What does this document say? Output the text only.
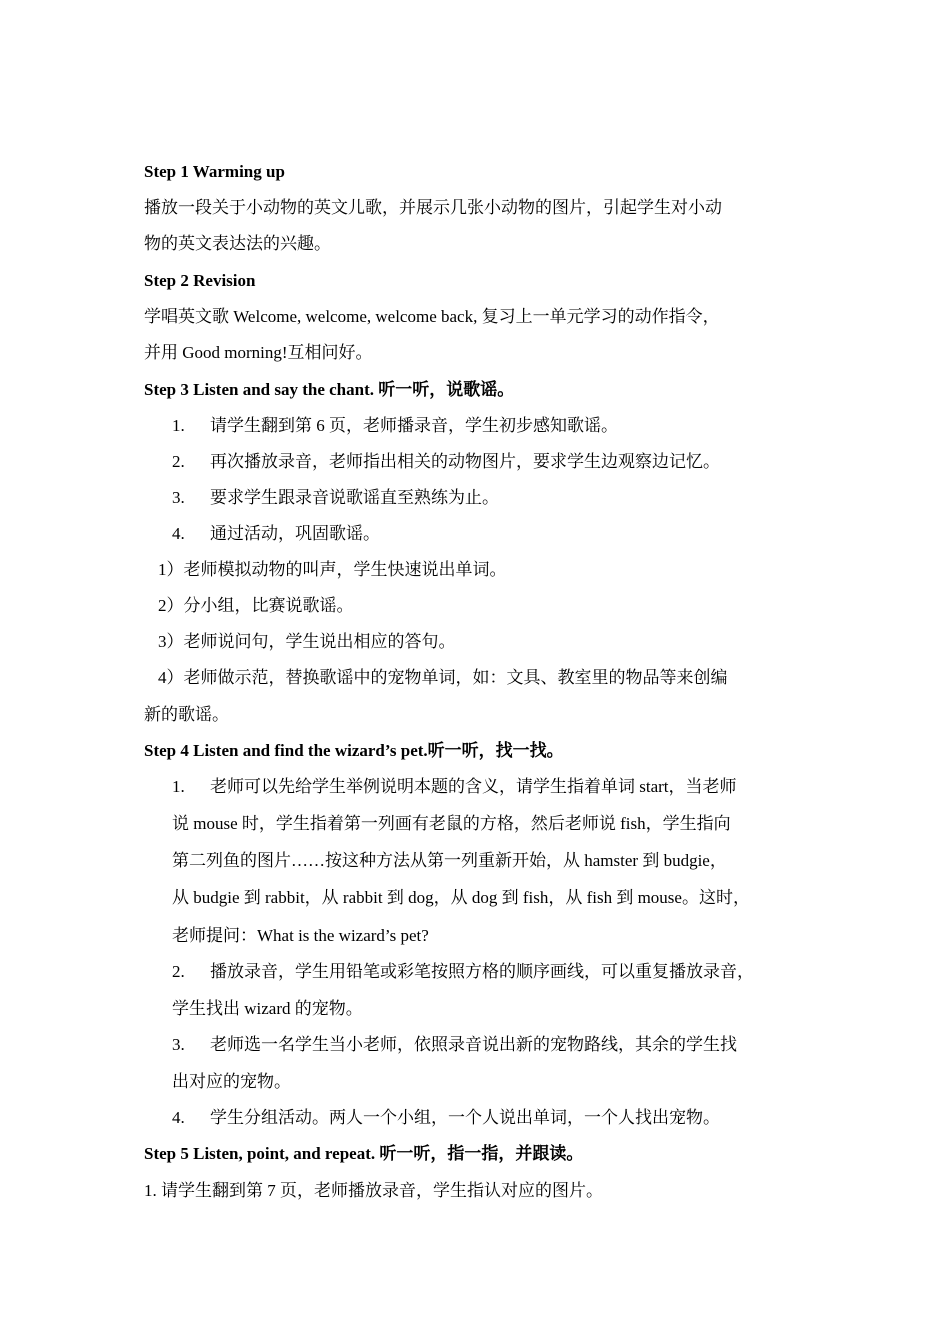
Step 1 Warming up
播放一段关于小动物的英文儿歌，并展示几张小动物的图片，引起学生对小动
物的英文表达法的兴趣。
Step 2 Revision
学唱英文歌 Welcome, welcome, welcome back, 复习上一单元学习的动作指令，
并用 Good morning!互相问好。
Step 3 Listen and say the chant. 听一听，说歌谣。
1. 请学生翻到第 6 页，老师播录音，学生初步感知歌谣。
2. 再次播放录音，老师指出相关的动物图片，要求学生边观察边记忆。
3. 要求学生跟录音说歌谣直至熟练为止。
4. 通过活动，巩固歌谣。
1）老师模拟动物的叫声，学生快速说出单词。
2）分小组，比赛说歌谣。
3）老师说问句，学生说出相应的答句。
4）老师做示范，替换歌谣中的宠物单词，如：文具、教室里的物品等来创编
新的歌谣。
Step 4 Listen and find the wizard’s pet.听一听，找一找。
1. 老师可以先给学生举例说明本题的含义，请学生指着单词 start，当老师
说 mouse 时，学生指着第一列画有老鼠的方格，然后老师说 fish，学生指向
第二列鱼的图片……按这种方法从第一列重新开始，从 hamster 到 budgie，
从 budgie 到 rabbit，从 rabbit 到 dog，从 dog 到 fish，从 fish 到 mouse。这时，
老师提问：What is the wizard’s pet?
2. 播放录音，学生用铅笔或彩笔按照方格的顺序画线，可以重复播放录音，
学生找出 wizard 的宠物。
3. 老师选一名学生当小老师，依照录音说出新的宠物路线，其余的学生找
出对应的宠物。
4. 学生分组活动。两人一个小组，一个人说出单词，一个人找出宠物。
Step 5 Listen, point, and repeat. 听一听，指一指，并跟读。
1. 请学生翻到第 7 页，老师播放录音，学生指认对应的图片。
